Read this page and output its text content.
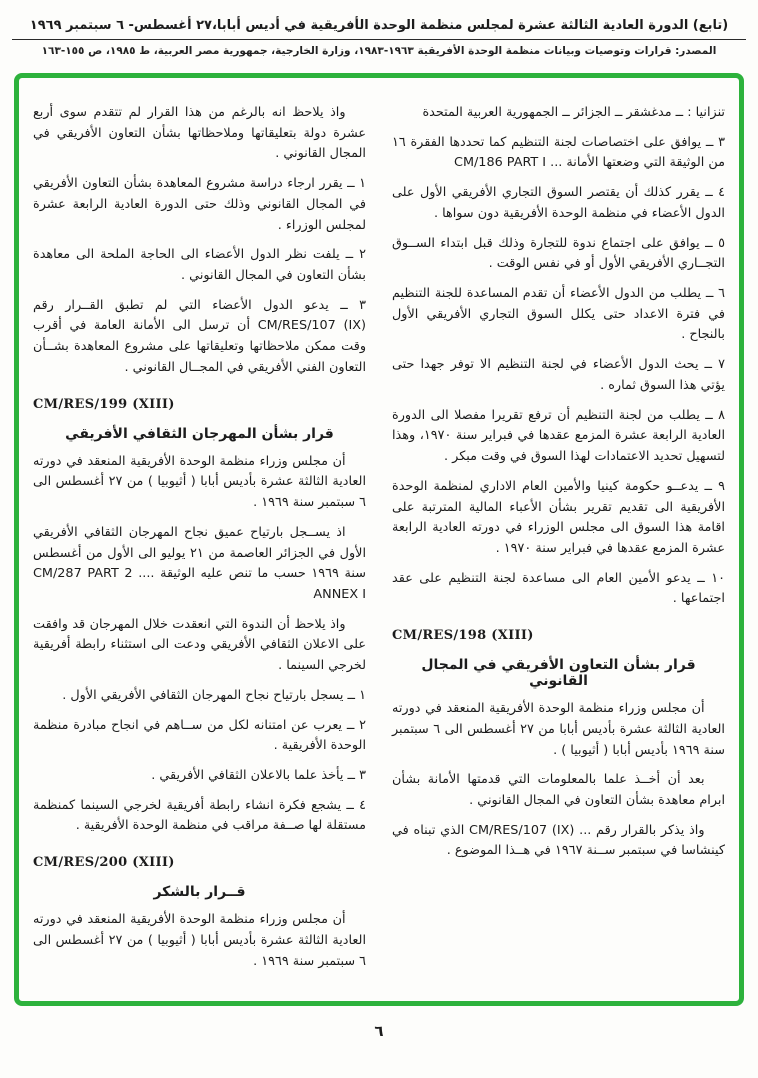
(تابع) الدورة العادية الثالثة عشرة لمجلس منظمة الوحدة الأفريقية في أديس أبابا،٢٧ أغسطس- ٦ سبتمبر ١٩٦٩
المصدر: قرارات وتوصيات وبيانات منظمة الوحدة الأفريقية ١٩٦٣-١٩٨٣، وزارة الخارجية، جمهورية مصر العربية، ط ١٩٨٥، ص ١٥٥-١٦٣

تنزانيا : ــ مدغشقر ــ الجزائر ــ الجمهورية العربية المتحدة

٣ ــ يوافق على اختصاصات لجنة التنظيم كما تحددها الفقرة ١٦ من الوثيقة التي وضعتها الأمانة ‎CM/186 PART I ...‎

٤ ــ يقرر كذلك أن يقتصر السوق التجاري الأفريقي الأول على الدول الأعضاء في منظمة الوحدة الأفريقية دون سواها .

٥ ــ يوافق على اجتماع ندوة للتجارة وذلك قبل ابتداء الســوق التجــاري الأفريقي الأول أو في نفس الوقت .

٦ ــ يطلب من الدول الأعضاء أن تقدم المساعدة للجنة التنظيم في فترة الاعداد حتى يكلل السوق التجاري الأفريقي الأول بالنجاح .

٧ ــ يحث الدول الأعضاء في لجنة التنظيم الا توفر جهدا حتى يؤتي هذا السوق ثماره .

٨ ــ يطلب من لجنة التنظيم أن ترفع تقريرا مفصلا الى الدورة العادية الرابعة عشرة المزمع عقدها في فبراير سنة ١٩٧٠، وهذا لتسهيل تحديد الاعتمادات لهذا السوق في وقت مبكر .

٩ ــ يدعــو حكومة كينيا والأمين العام الاداري لمنظمة الوحدة الأفريقية الى تقديم تقرير بشأن الأعباء المالية المترتبة على اقامة هذا السوق الى مجلس الوزراء في دورته العادية الرابعة عشرة المزمع عقدها في فبراير سنة ١٩٧٠ .

١٠ ــ يدعو الأمين العام الى مساعدة لجنة التنظيم على عقد اجتماعها .

CM/RES/198 (XIII)

قرار بشأن التعاون الأفريقي في المجال القانوني

أن مجلس وزراء منظمة الوحدة الأفريقية المنعقد في دورته العادية الثالثة عشرة بأديس أبابا من ٢٧ أغسطس الى ٦ سبتمبر سنة ١٩٦٩ بأديس أبابا ( أثيوبيا ) .

بعد أن أخــذ علما بالمعلومات التي قدمتها الأمانة بشأن ابرام معاهدة بشأن التعاون في المجال القانوني .

واذ يذكر بالقرار رقم ... ‎CM/RES/107 (IX)‎ الذي تبناه في كينشاسا في سبتمبر ســنة ١٩٦٧ في هــذا الموضوع .

واذ يلاحظ انه بالرغم من هذا القرار لم تتقدم سوى أربع عشرة دولة بتعليقاتها وملاحظاتها بشأن التعاون الأفريقي في المجال القانوني .

١ ــ يقرر ارجاء دراسة مشروع المعاهدة بشأن التعاون الأفريقي في المجال القانوني وذلك حتى الدورة العادية الرابعة عشرة لمجلس الوزراء .

٢ ــ يلفت نظر الدول الأعضاء الى الحاجة الملحة الى معاهدة بشأن التعاون في المجال القانوني .

٣ ــ يدعو الدول الأعضاء التي لم تطبق القــرار رقم ‎CM/RES/107 (IX)‎ أن ترسل الى الأمانة العامة في أقرب وقت ممكن ملاحظاتها وتعليقاتها على مشروع المعاهدة بشــأن التعاون الفني الأفريقي في المجــال القانوني .

CM/RES/199 (XIII)

قرار بشأن المهرجان الثقافي الأفريقي

أن مجلس وزراء منظمة الوحدة الأفريقية المنعقد في دورته العادية الثالثة عشرة بأديس أبابا ( أثيوبيا ) من ٢٧ أغسطس الى ٦ سبتمبر سنة ١٩٦٩ .

اذ يســجل بارتياح عميق نجاح المهرجان الثقافي الأفريقي الأول في الجزائر العاصمة من ٢١ يوليو الى الأول من أغسطس سنة ١٩٦٩ حسب ما تنص عليه الوثيقة .... ‎CM/287 PART 2 ANNEX I‎

واذ يلاحظ أن الندوة التي انعقدت خلال المهرجان قد وافقت على الاعلان الثقافي الأفريقي ودعت الى استثناء رابطة أفريقية لخرجي السينما .

١ ــ يسجل بارتياح نجاح المهرجان الثقافي الأفريقي الأول .

٢ ــ يعرب عن امتنانه لكل من ســاهم في انجاح مبادرة منظمة الوحدة الأفريقية .

٣ ــ يأخذ علما بالاعلان الثقافي الأفريقي .

٤ ــ يشجع فكرة انشاء رابطة أفريقية لخرجي السينما كمنظمة مستقلة لها صــفة مراقب في منظمة الوحدة الأفريقية .

CM/RES/200 (XIII)

قــرار بالشكر

أن مجلس وزراء منظمة الوحدة الأفريقية المنعقد في دورته العادية الثالثة عشرة بأديس أبابا ( أثيوبيا ) من ٢٧ أغسطس الى ٦ سبتمبر سنة ١٩٦٩ .

٦
